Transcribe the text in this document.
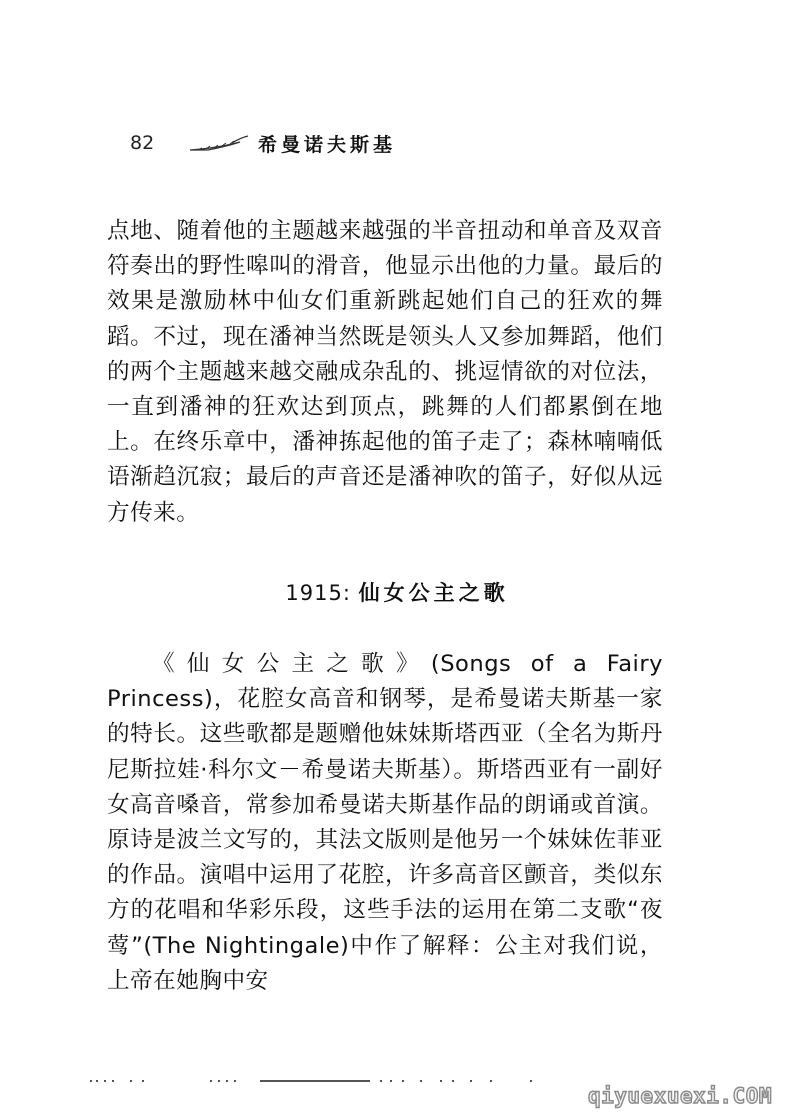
82	希曼诺夫斯基

点地、随着他的主题越来越强的半音扭动和单音及双音符奏出的野性嗥叫的滑音，他显示出他的力量。最后的效果是激励林中仙女们重新跳起她们自己的狂欢的舞蹈。不过，现在潘神当然既是领头人又参加舞蹈，他们的两个主题越来越交融成杂乱的、挑逗情欲的对位法，一直到潘神的狂欢达到顶点，跳舞的人们都累倒在地上。在终乐章中，潘神拣起他的笛子走了；森林喃喃低语渐趋沉寂；最后的声音还是潘神吹的笛子，好似从远方传来。

1915: 仙女公主之歌

《仙女公主之歌》(Songs of a Fairy Princess)，花腔女高音和钢琴，是希曼诺夫斯基一家的特长。这些歌都是题赠他妹妹斯塔西亚（全名为斯丹尼斯拉娃·科尔文－希曼诺夫斯基）。斯塔西亚有一副好女高音嗓音，常参加希曼诺夫斯基作品的朗诵或首演。原诗是波兰文写的，其法文版则是他另一个妹妹佐菲亚的作品。演唱中运用了花腔，许多高音区颤音，类似东方的花唱和华彩乐段，这些手法的运用在第二支歌“夜莺”(The Nightingale)中作了解释：公主对我们说，上帝在她胸中安

qiyuexuexi.COM
